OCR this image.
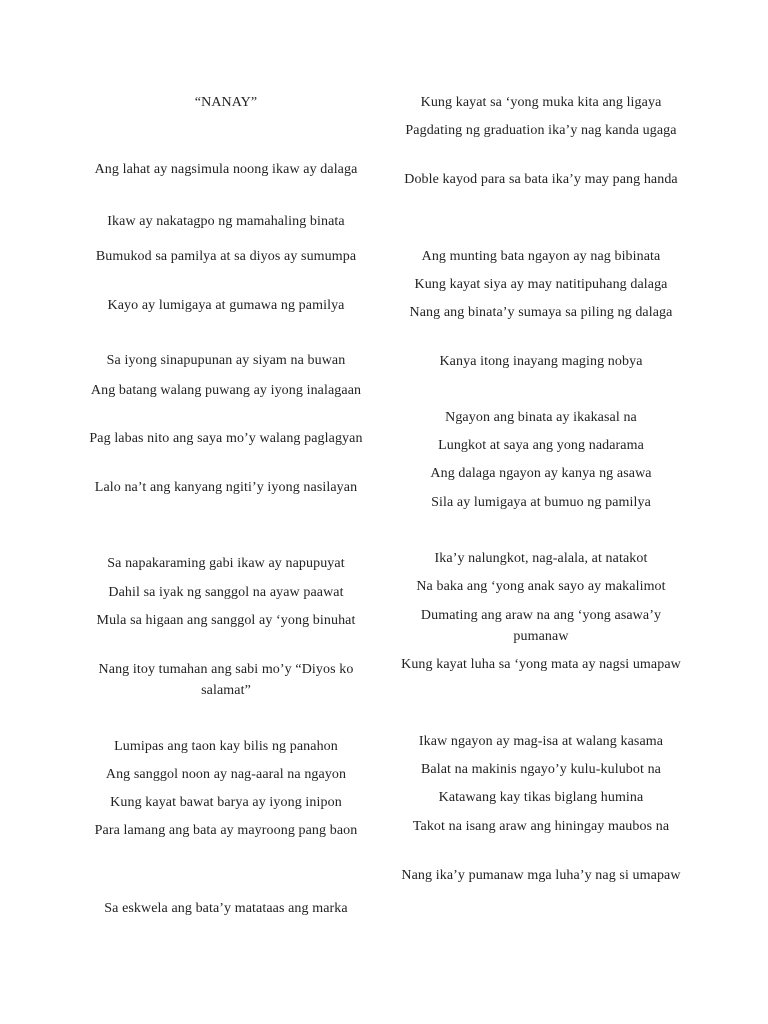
“NANAY”
Ang lahat ay nagsimula noong ikaw ay dalaga
Ikaw ay nakatagpo ng mamahaling binata
Bumukod sa pamilya at sa diyos ay sumumpa
Kayo ay lumigaya at gumawa ng pamilya
Sa iyong sinapupunan ay siyam na buwan
Ang batang walang puwang ay iyong inalagaan
Pag labas nito ang saya mo’y walang paglagyan
Lalo na’t ang kanyang ngiti’y iyong nasilayan
Sa napakaraming gabi ikaw ay napupuyat
Dahil sa iyak ng sanggol na ayaw paawat
Mula sa higaan ang sanggol ay ‘yong binuhat
Nang itoy tumahan ang sabi mo’y “Diyos ko salamat”
Lumipas ang taon kay bilis ng panahon
Ang sanggol noon ay nag-aaral na ngayon
Kung kayat bawat barya ay iyong inipon
Para lamang ang bata ay mayroong pang baon
Sa eskwela ang bata’y matataas ang marka
Kung kayat sa ‘yong muka kita ang ligaya
Pagdating ng graduation ika’y nag kanda ugaga
Doble kayod para sa bata ika’y may pang handa
Ang munting bata ngayon ay nag bibinata
Kung kayat siya ay may natitipuhang dalaga
Nang ang binata’y sumaya sa piling ng dalaga
Kanya itong inayang maging nobya
Ngayon ang binata ay ikakasal na
Lungkot at saya ang yong nadarama
Ang dalaga ngayon ay kanya ng asawa
Sila ay lumigaya at bumuo ng pamilya
Ika’y nalungkot, nag-alala, at natakot
Na baka ang ‘yong anak sayo ay makalimot
Dumating ang araw na ang ‘yong asawa’y pumanaw
Kung kayat luha sa ‘yong mata ay nagsi umapaw
Ikaw ngayon ay mag-isa at walang kasama
Balat na makinis ngayo’y kulu-kulubot na
Katawang kay tikas biglang humina
Takot na isang araw ang hiningay maubos na
Nang ika’y pumanaw mga luha’y nag si umapaw
